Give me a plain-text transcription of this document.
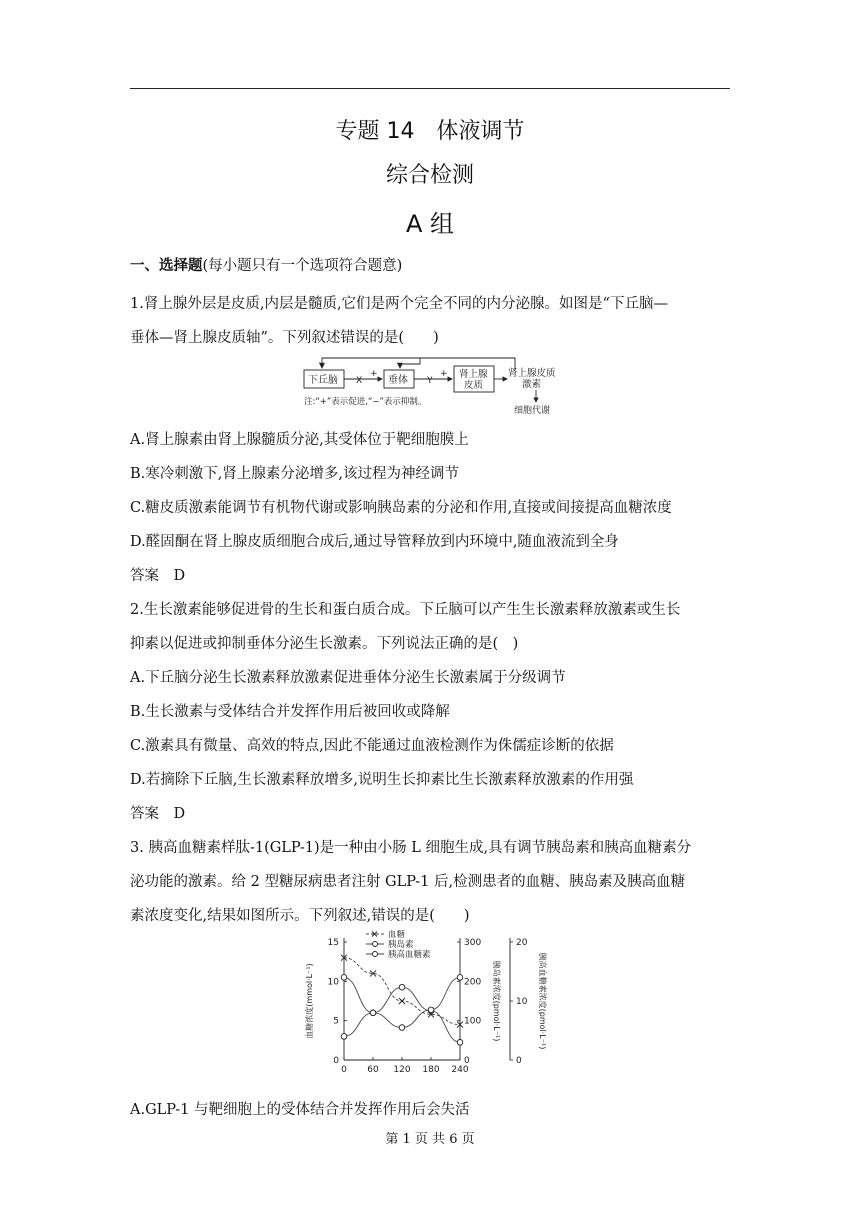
专题 14　体液调节
综合检测
A 组
一、选择题(每小题只有一个选项符合题意)
1.肾上腺外层是皮质,内层是髓质,它们是两个完全不同的内分泌腺。如图是“下丘脑—
垂体—肾上腺皮质轴”。下列叙述错误的是(　　)
−	−
下丘脑 X
+
垂体 Y
+ 肾上腺
皮质
肾上腺皮质
激素
细胞代谢
注:“+”表示促进,“−”表示抑制。
A.肾上腺素由肾上腺髓质分泌,其受体位于靶细胞膜上
B.寒冷刺激下,肾上腺素分泌增多,该过程为神经调节
C.糖皮质激素能调节有机物代谢或影响胰岛素的分泌和作用,直接或间接提高血糖浓度
D.醛固酮在肾上腺皮质细胞合成后,通过导管释放到内环境中,随血液流到全身
答案　D
2.生长激素能够促进骨的生长和蛋白质合成。下丘脑可以产生生长激素释放激素或生长
抑素以促进或抑制垂体分泌生长激素。下列说法正确的是(　)
A.下丘脑分泌生长激素释放激素促进垂体分泌生长激素属于分级调节
B.生长激素与受体结合并发挥作用后被回收或降解
C.激素具有微量、高效的特点,因此不能通过血液检测作为侏儒症诊断的依据
D.若摘除下丘脑,生长激素释放增多,说明生长抑素比生长激素释放激素的作用强
答案　D
3. 胰高血糖素样肽-1(GLP-1)是一种由小肠 L 细胞生成,具有调节胰岛素和胰高血糖素分
泌功能的激素。给 2 型糖尿病患者注射 GLP-1 后,检测患者的血糖、胰岛素及胰高血糖
素浓度变化,结果如图所示。下列叙述,错误的是(　　)
0 60 120 180 240
0
5
10
15
血糖浓度(mmol·L⁻¹)
0
100
200
300
胰岛素浓度(pmol·L⁻¹)
0
10
20
胰高血糖素浓度(pmol·L⁻¹)
血糖
胰岛素
胰高血糖素
A.GLP-1 与靶细胞上的受体结合并发挥作用后会失活
第 1 页 共 6 页
